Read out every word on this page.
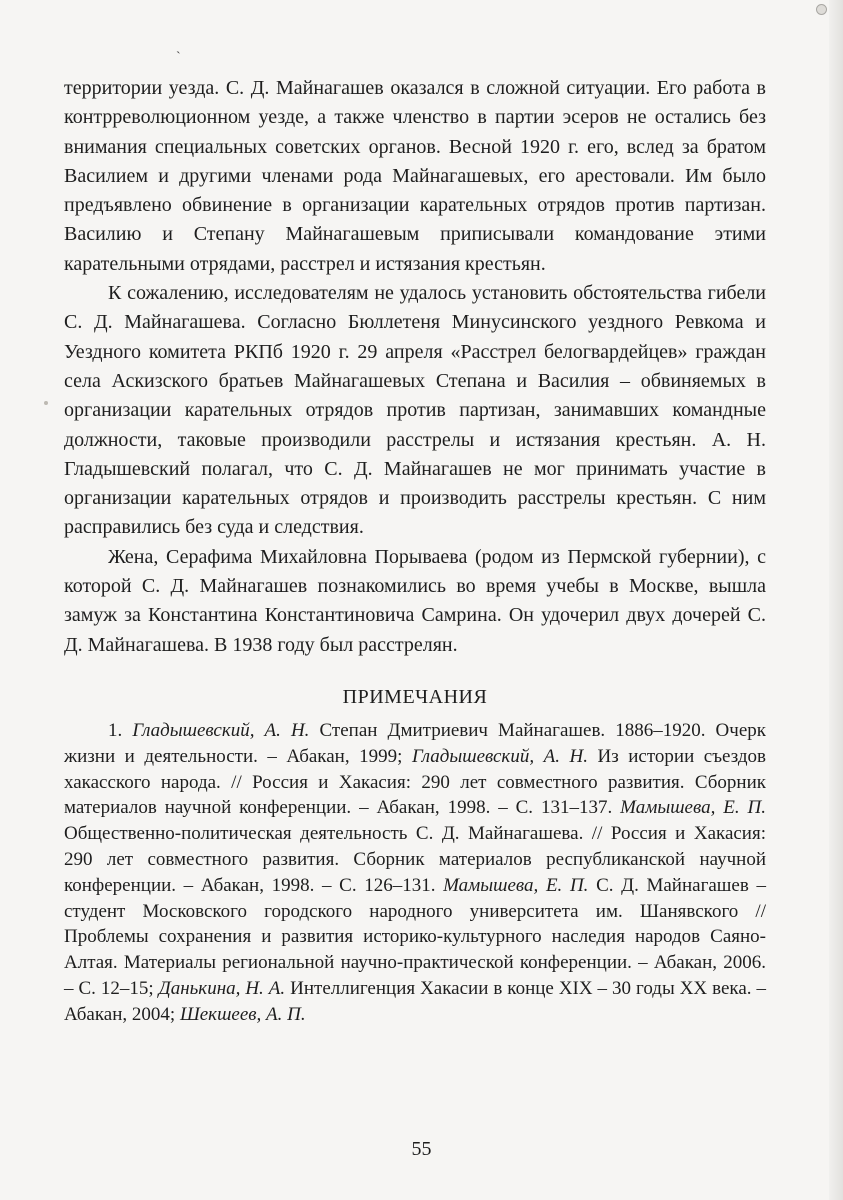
ˋ

территории уезда. С. Д. Майнагашев оказался в сложной ситуации. Его работа в контрреволюционном уезде, а также членство в партии эсеров не остались без внимания специальных советских органов. Весной 1920 г. его, вслед за братом Василием и другими членами рода Майнагашевых, его арестовали. Им было предъявлено обвинение в организации карательных отрядов против партизан. Василию и Степану Майнагашевым приписывали командование этими карательными отрядами, расстрел и истязания крестьян.

К сожалению, исследователям не удалось установить обстоятельства гибели С. Д. Майнагашева. Согласно Бюллетеня Минусинского уездного Ревкома и Уездного комитета РКПб 1920 г. 29 апреля «Расстрел белогвардейцев» граждан села Аскизского братьев Майнагашевых Степана и Василия – обвиняемых в организации карательных отрядов против партизан, занимавших командные должности, таковые производили расстрелы и истязания крестьян. А. Н. Гладышевский полагал, что С. Д. Майнагашев не мог принимать участие в организации карательных отрядов и производить расстрелы крестьян. С ним расправились без суда и следствия.

Жена, Серафима Михайловна Порываева (родом из Пермской губернии), с которой С. Д. Майнагашев познакомились во время учебы в Москве, вышла замуж за Константина Константиновича Самрина. Он удочерил двух дочерей С. Д. Майнагашева. В 1938 году был расстрелян.

ПРИМЕЧАНИЯ

1. Гладышевский, А. Н. Степан Дмитриевич Майнагашев. 1886–1920. Очерк жизни и деятельности. – Абакан, 1999; Гладышевский, А. Н. Из истории съездов хакасского народа. // Россия и Хакасия: 290 лет совместного развития. Сборник материалов научной конференции. – Абакан, 1998. – С. 131–137. Мамышева, Е. П. Общественно-политическая деятельность С. Д. Майнагашева. // Россия и Хакасия: 290 лет совместного развития. Сборник материалов республиканской научной конференции. – Абакан, 1998. – С. 126–131. Мамышева, Е. П. С. Д. Майнагашев – студент Московского городского народного университета им. Шанявского // Проблемы сохранения и развития историко-культурного наследия народов Саяно-Алтая. Материалы региональной научно-практической конференции. – Абакан, 2006. – С. 12–15; Данькина, Н. А. Интеллигенция Хакасии в конце XIX – 30 годы XX века. – Абакан, 2004; Шекшеев, А. П.

55
